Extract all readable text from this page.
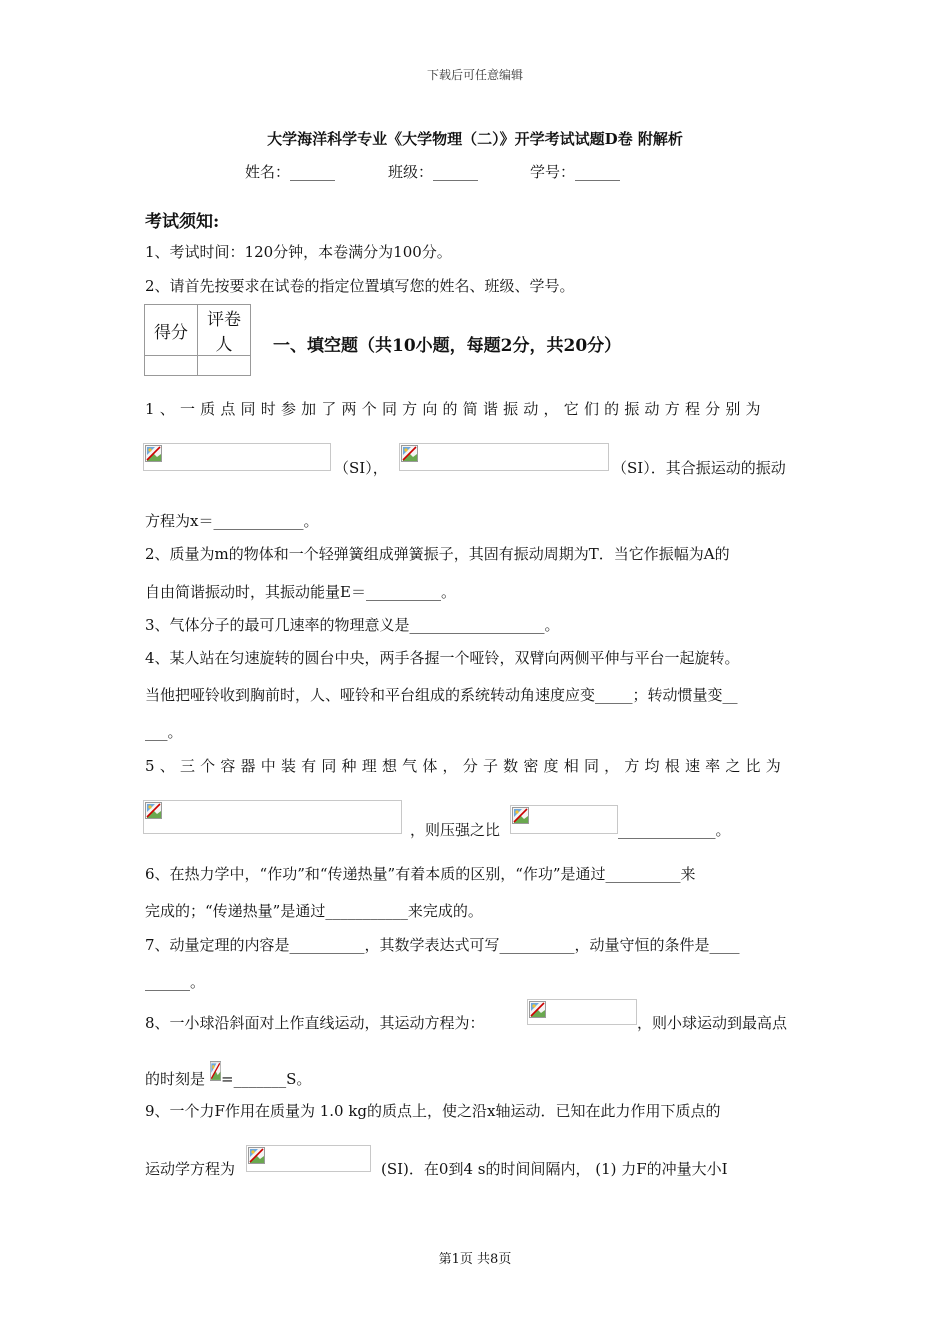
下载后可任意编辑
大学海洋科学专业《大学物理（二）》开学考试试题D卷 附解析
姓名：______	班级：______	学号：______
考试须知:
1、考试时间：120分钟，本卷满分为100分。
2、请首先按要求在试卷的指定位置填写您的姓名、班级、学号。
得分	评卷人
	一、填空题（共10小题，每题2分，共20分）
1、一质点同时参加了两个同方向的简谐振动，它们的振动方程分别为
（SI），	（SI）．其合振运动的振动
方程为x＝____________。
2、质量为m的物体和一个轻弹簧组成弹簧振子，其固有振动周期为T．当它作振幅为A的
自由简谐振动时，其振动能量E＝__________。
3、气体分子的最可几速率的物理意义是__________________。
4、某人站在匀速旋转的圆台中央，两手各握一个哑铃，双臂向两侧平伸与平台一起旋转。
当他把哑铃收到胸前时，人、哑铃和平台组成的系统转动角速度应变_____；转动惯量变__
___。
5、三个容器中装有同种理想气体，分子数密度相同，方均根速率之比为
，则压强之比	_____________。
6、在热力学中，“作功”和“传递热量”有着本质的区别，“作功”是通过__________来
完成的；“传递热量”是通过___________来完成的。
7、动量定理的内容是__________，其数学表达式可写__________，动量守恒的条件是____
______。
8、一小球沿斜面对上作直线运动，其运动方程为：	，则小球运动到最高点
的时刻是 =_______S。
9、一个力F作用在质量为 1.0 kg的质点上，使之沿x轴运动．已知在此力作用下质点的
运动学方程为	(SI)．在0到4 s的时间间隔内， (1) 力F的冲量大小I
第1页 共8页
